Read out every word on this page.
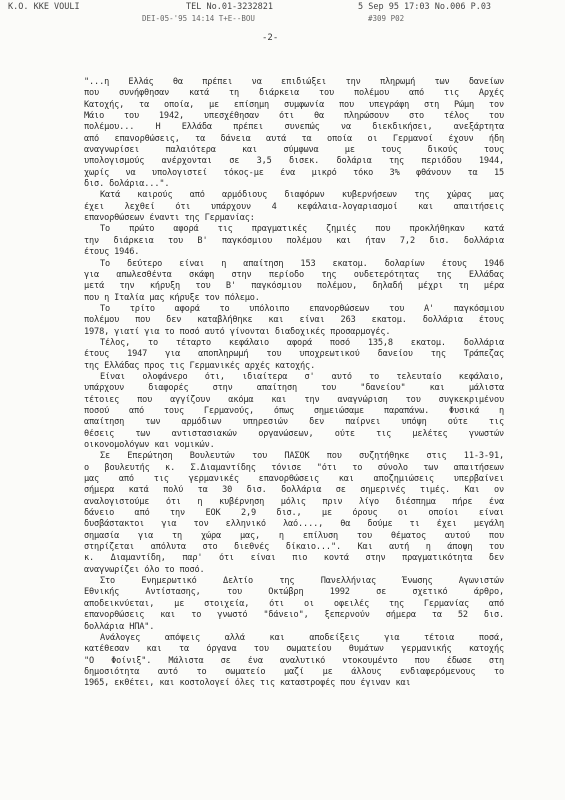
K.O. KKE VOULI	TEL No.01-3232821	5 Sep 95 17:03 No.006 P.03
DEI-05-'95 14:14 T+E--BOU	#309 P02
-2-
"...η Ελλάς θα πρέπει να επιδιώξει την πληρωμή των δανείων
που συνήφθησαν κατά τη διάρκεια του πολέμου από τις Αρχές
Κατοχής, τα οποία, με επίσημη συμφωνία που υπεγράφη στη Ρώμη τον
Μάιο του 1942, υπεσχέθησαν ότι θα πληρώσουν στο τέλος του
πολέμου... Η Ελλάδα πρέπει συνεπώς να διεκδικήσει, ανεξάρτητα
από επανορθώσεις, τα δάνεια αυτά τα οποία οι Γερμανοί έχουν ήδη
αναγνωρίσει παλαιότερα και σύμφωνα με τους δικούς τους
υπολογισμούς ανέρχονται σε 3,5 δισεκ. δολάρια της περιόδου 1944,
χωρίς να υπολογιστεί τόκος-με ένα μικρό τόκο 3% φθάνουν τα 15
δισ. δολάρια...".
Κατά καιρούς από αρμόδιους διαφόρων κυβερνήσεων της χώρας μας
έχει λεχθεί ότι υπάρχουν 4 κεφάλαια-λογαριασμοί και απαιτήσεις
επανορθώσεων έναντι της Γερμανίας:
Το πρώτο αφορά τις πραγματικές ζημιές που προκλήθηκαν κατά
την διάρκεια του Β' παγκόσμιου πολέμου και ήταν 7,2 δισ. δολλάρια
έτους 1946.
Το δεύτερο είναι η απαίτηση 153 εκατομ. δολαρίων έτους 1946
για απωλεσθέντα σκάφη στην περίοδο της ουδετερότητας της Ελλάδας
μετά την κήρυξη του Β' παγκόσμιου πολέμου, δηλαδή μέχρι τη μέρα
που η Ιταλία μας κήρυξε τον πόλεμο.
Το τρίτο αφορά το υπόλοιπο επανορθώσεων του Α' παγκόσμιου
πολέμου που δεν καταβλήθηκε και είναι 263 εκατομ. δολλάρια έτους
1978, γιατί για το ποσό αυτό γίνονται διαδοχικές προσαρμογές.
Τέλος, το τέταρτο κεφάλαιο αφορά ποσό 135,8 εκατομ. δολλάρια
έτους 1947 για αποπληρωμή του υποχρεωτικού δανείου της Τράπεζας
της Ελλάδας προς τις Γερμανικές αρχές κατοχής.
Είναι ολοφάνερο ότι, ιδιαίτερα σ' αυτό το τελευταίο κεφάλαιο,
υπάρχουν διαφορές στην απαίτηση του "δανείου" και μάλιστα
τέτοιες που αγγίζουν ακόμα και την αναγνώριση του συγκεκριμένου
ποσού από τους Γερμανούς, όπως σημειώσαμε παραπάνω. Φυσικά η
απαίτηση των αρμόδιων υπηρεσιών δεν παίρνει υπόψη ούτε τις
θέσεις των αντιστασιακών οργανώσεων, ούτε τις μελέτες γνωστών
οικονομολόγων και νομικών.
Σε Επερώτηση Βουλευτών του ΠΑΣΟΚ που συζητήθηκε στις 11-3-91,
ο βουλευτής κ. Σ.Διαμαντίδης τόνισε "ότι το σύνολο των απαιτήσεων
μας από τις γερμανικές επανορθώσεις και αποζημιώσεις υπερβαίνει
σήμερα κατά πολύ τα 30 δισ. δολλάρια σε σημερινές τιμές. Και ον
αναλογιστούμε ότι η κυβέρνηση μόλις πριν λίγο διέσπημα πήρε ένα
δάνειο από την ΕΟΚ 2,9 δισ., με όρους οι οποίοι είναι
δυσβάστακτοι για τον ελληνικό λαό...., θα δούμε τι έχει μεγάλη
σημασία για τη χώρα μας, η επίλυση του θέματος αυτού που
στηρίζεται απόλυτα στο διεθνές δίκαιο...". Και αυτή η άποψη του
κ. Διαμαντίδη, παρ' ότι είναι πιο κοντά στην πραγματικότητα δεν
αναγνωρίζει όλο το ποσό.
Στο Ενημερωτικό Δελτίο της Πανελλήνιας Ένωσης Αγωνιστών
Εθνικής Αντίστασης, του Οκτώβρη 1992 σε σχετικό άρθρο,
αποδεικνύεται, με στοιχεία, ότι οι οφειλές της Γερμανίας από
επανορθώσεις και το γνωστό "δάνειο", ξεπερνούν σήμερα τα 52 δισ.
δολλάρια ΗΠΑ".
Ανάλογες απόψεις αλλά και αποδείξεις για τέτοια ποσά,
κατέθεσαν και τα όργανα του σωματείου θυμάτων γερμανικής κατοχής
"Ο Φοίνιξ". Μάλιστα σε ένα αναλυτικό ντοκουμέντο που έδωσε στη
δημοσιότητα αυτό το σωματείο μαζί με άλλους ενδιαφερόμενους το
1965, εκθέτει, και κοστολογεί όλες τις καταστροφές που έγιναν και
